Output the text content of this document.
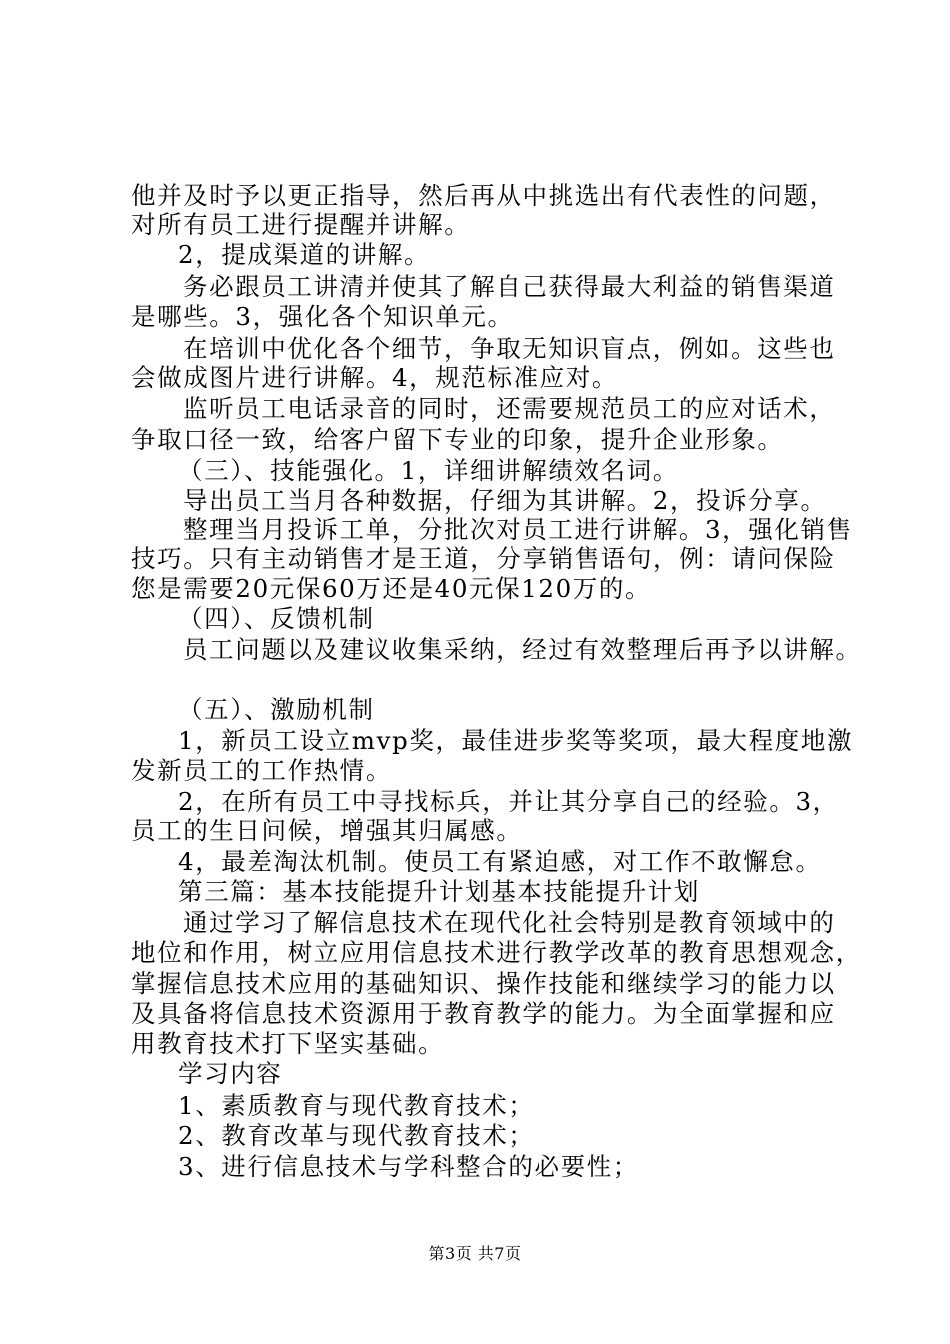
他并及时予以更正指导，然后再从中挑选出有代表性的问题，
对所有员工进行提醒并讲解。
2，提成渠道的讲解。
务必跟员工讲清并使其了解自己获得最大利益的销售渠道
是哪些。3，强化各个知识单元。
在培训中优化各个细节，争取无知识盲点，例如。这些也
会做成图片进行讲解。4，规范标准应对。
监听员工电话录音的同时，还需要规范员工的应对话术，
争取口径一致，给客户留下专业的印象，提升企业形象。
（三）、技能强化。1，详细讲解绩效名词。
导出员工当月各种数据，仔细为其讲解。2，投诉分享。
整理当月投诉工单，分批次对员工进行讲解。3，强化销售
技巧。只有主动销售才是王道，分享销售语句，例：请问保险
您是需要20元保60万还是40元保120万的。
（四）、反馈机制
员工问题以及建议收集采纳，经过有效整理后再予以讲解。
（五）、激励机制
1，新员工设立mvp奖，最佳进步奖等奖项，最大程度地激
发新员工的工作热情。
2，在所有员工中寻找标兵，并让其分享自己的经验。3，
员工的生日问候，增强其归属感。
4，最差淘汰机制。使员工有紧迫感，对工作不敢懈怠。
第三篇：基本技能提升计划基本技能提升计划
通过学习了解信息技术在现代化社会特别是教育领域中的
地位和作用，树立应用信息技术进行教学改革的教育思想观念，
掌握信息技术应用的基础知识、操作技能和继续学习的能力以
及具备将信息技术资源用于教育教学的能力。为全面掌握和应
用教育技术打下坚实基础。
学习内容
1、素质教育与现代教育技术；
2、教育改革与现代教育技术；
3、进行信息技术与学科整合的必要性；
第3页 共7页
